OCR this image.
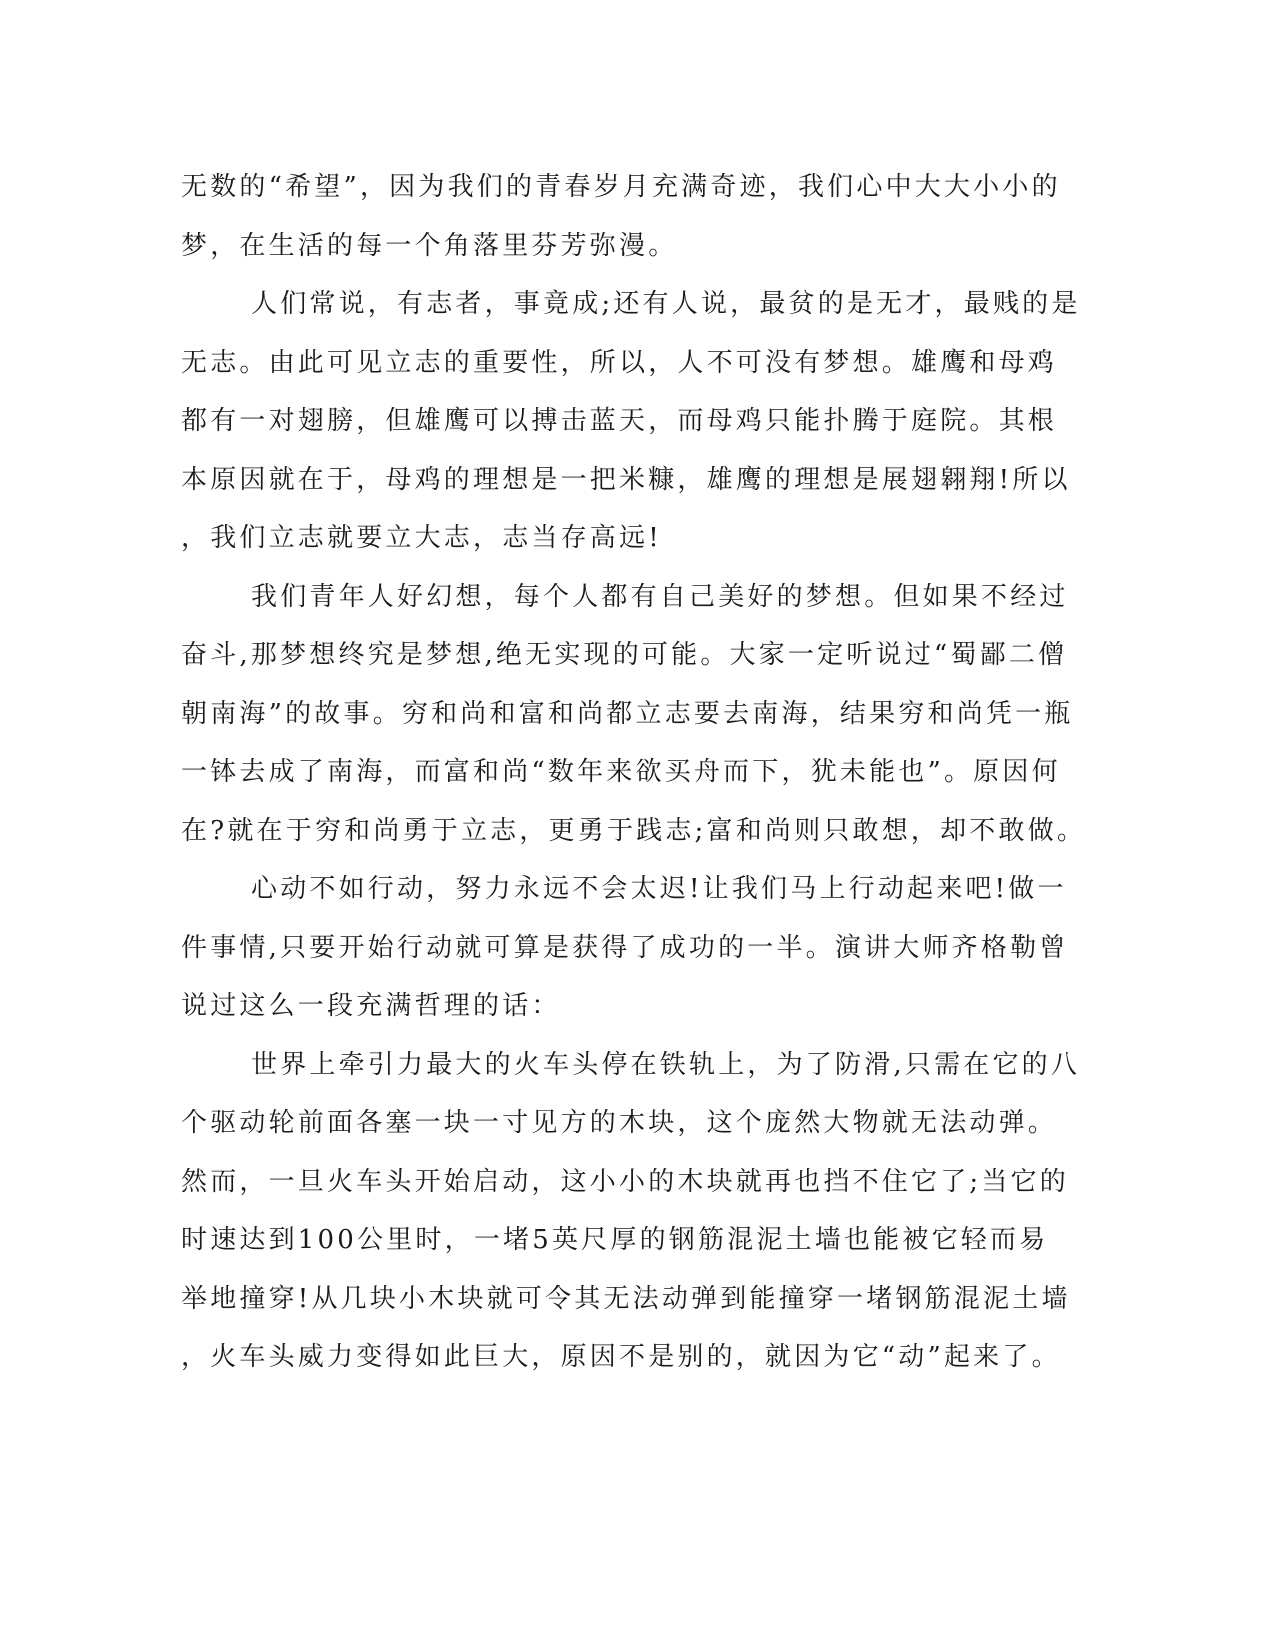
无数的“希望”，因为我们的青春岁月充满奇迹，我们心中大大小小的
梦，在生活的每一个角落里芬芳弥漫。
人们常说，有志者，事竟成;还有人说，最贫的是无才，最贱的是
无志。由此可见立志的重要性，所以，人不可没有梦想。雄鹰和母鸡
都有一对翅膀，但雄鹰可以搏击蓝天，而母鸡只能扑腾于庭院。其根
本原因就在于，母鸡的理想是一把米糠，雄鹰的理想是展翅翱翔!所以
，我们立志就要立大志，志当存高远!
我们青年人好幻想，每个人都有自己美好的梦想。但如果不经过
奋斗,那梦想终究是梦想,绝无实现的可能。大家一定听说过“蜀鄙二僧
朝南海”的故事。穷和尚和富和尚都立志要去南海，结果穷和尚凭一瓶
一钵去成了南海，而富和尚“数年来欲买舟而下，犹未能也”。原因何
在?就在于穷和尚勇于立志，更勇于践志;富和尚则只敢想，却不敢做。
心动不如行动，努力永远不会太迟!让我们马上行动起来吧!做一
件事情,只要开始行动就可算是获得了成功的一半。演讲大师齐格勒曾
说过这么一段充满哲理的话：
世界上牵引力最大的火车头停在铁轨上，为了防滑,只需在它的八
个驱动轮前面各塞一块一寸见方的木块，这个庞然大物就无法动弹。
然而，一旦火车头开始启动，这小小的木块就再也挡不住它了;当它的
时速达到100公里时，一堵5英尺厚的钢筋混泥土墙也能被它轻而易
举地撞穿!从几块小木块就可令其无法动弹到能撞穿一堵钢筋混泥土墙
，火车头威力变得如此巨大，原因不是别的，就因为它“动”起来了。
